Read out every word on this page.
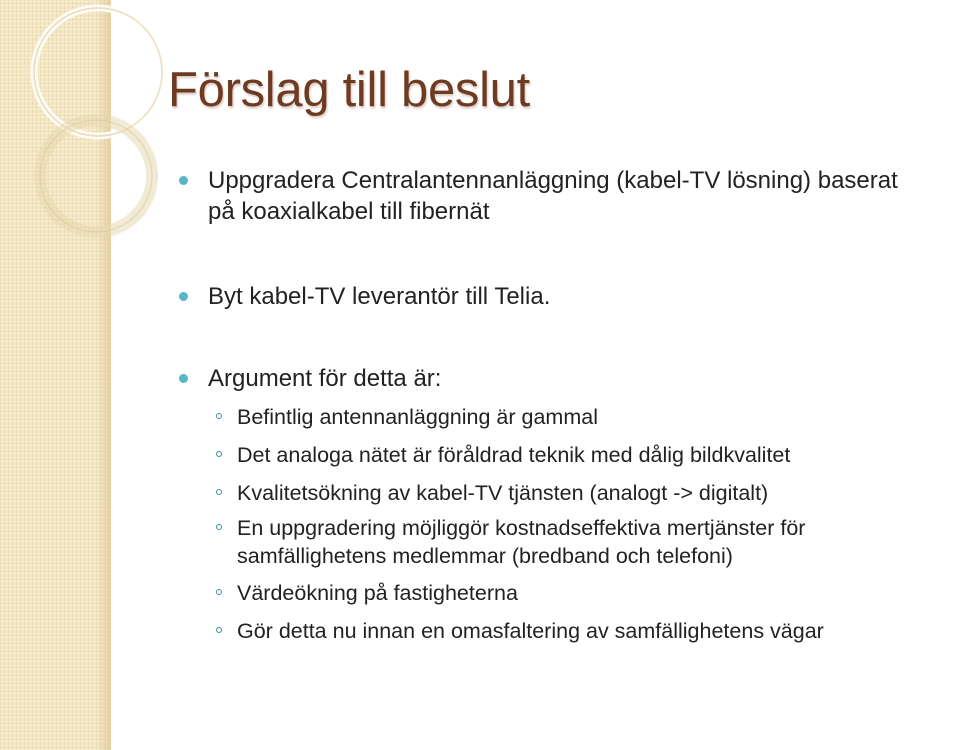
Förslag till beslut

Uppgradera Centralantennanläggning (kabel-TV lösning) baserat på koaxialkabel till fibernät

Byt kabel-TV leverantör till Telia.

Argument för detta är:

Befintlig antennanläggning är gammal

Det analoga nätet är föråldrad teknik med dålig bildkvalitet

Kvalitetsökning av kabel-TV tjänsten (analogt -> digitalt)

En uppgradering möjliggör kostnadseffektiva mertjänster för
samfällighetens medlemmar (bredband och telefoni)

Värdeökning på fastigheterna

Gör detta nu innan en omasfaltering av samfällighetens vägar
